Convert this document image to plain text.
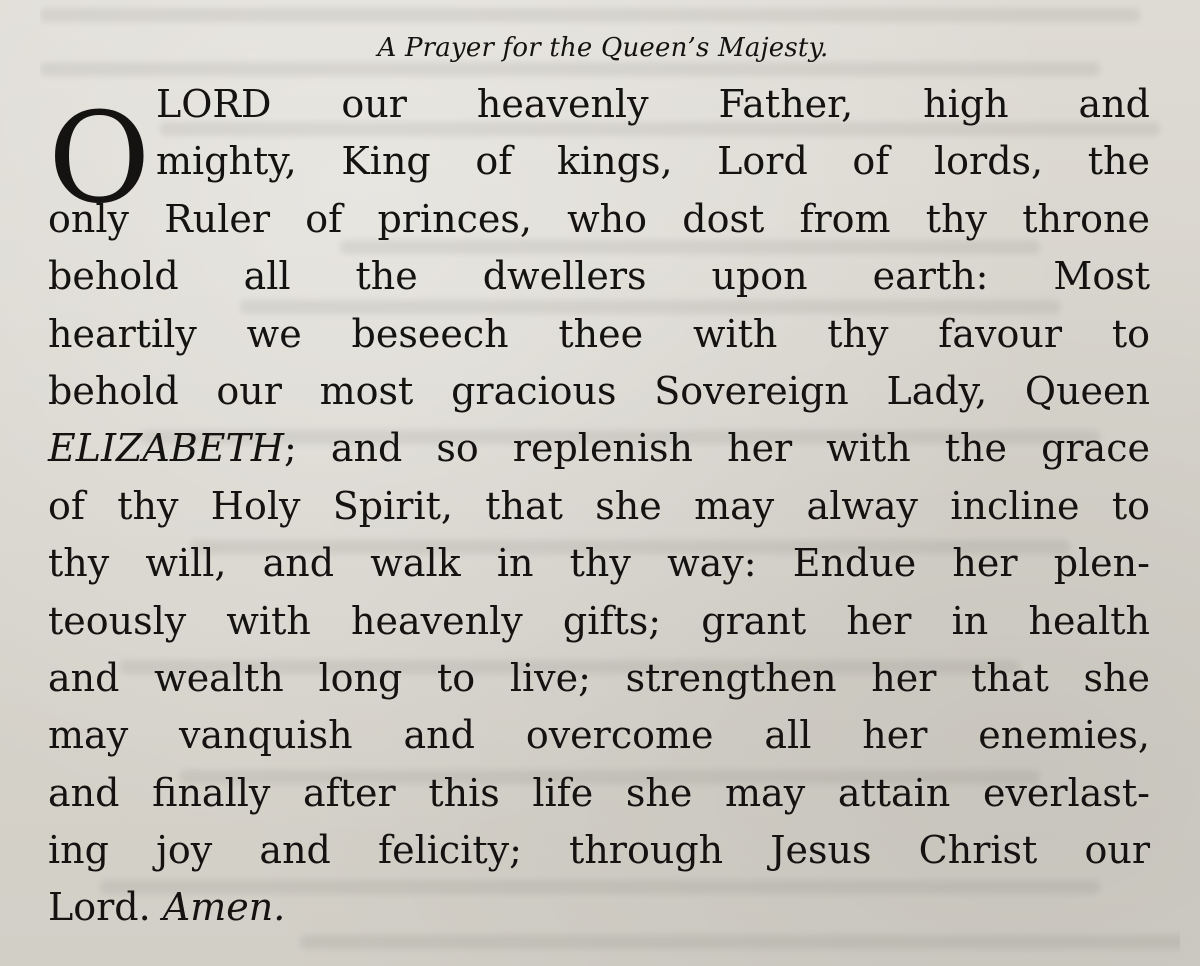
A Prayer for the Queen’s Majesty.
O LORD our heavenly Father, high and
mighty, King of kings, Lord of lords, the
only Ruler of princes, who dost from thy throne
behold all the dwellers upon earth: Most
heartily we beseech thee with thy favour to
behold our most gracious Sovereign Lady, Queen
ELIZABETH; and so replenish her with the grace
of thy Holy Spirit, that she may alway incline to
thy will, and walk in thy way: Endue her plen-
teously with heavenly gifts; grant her in health
and wealth long to live; strengthen her that she
may vanquish and overcome all her enemies,
and finally after this life she may attain everlast-
ing joy and felicity; through Jesus Christ our
Lord. Amen.
